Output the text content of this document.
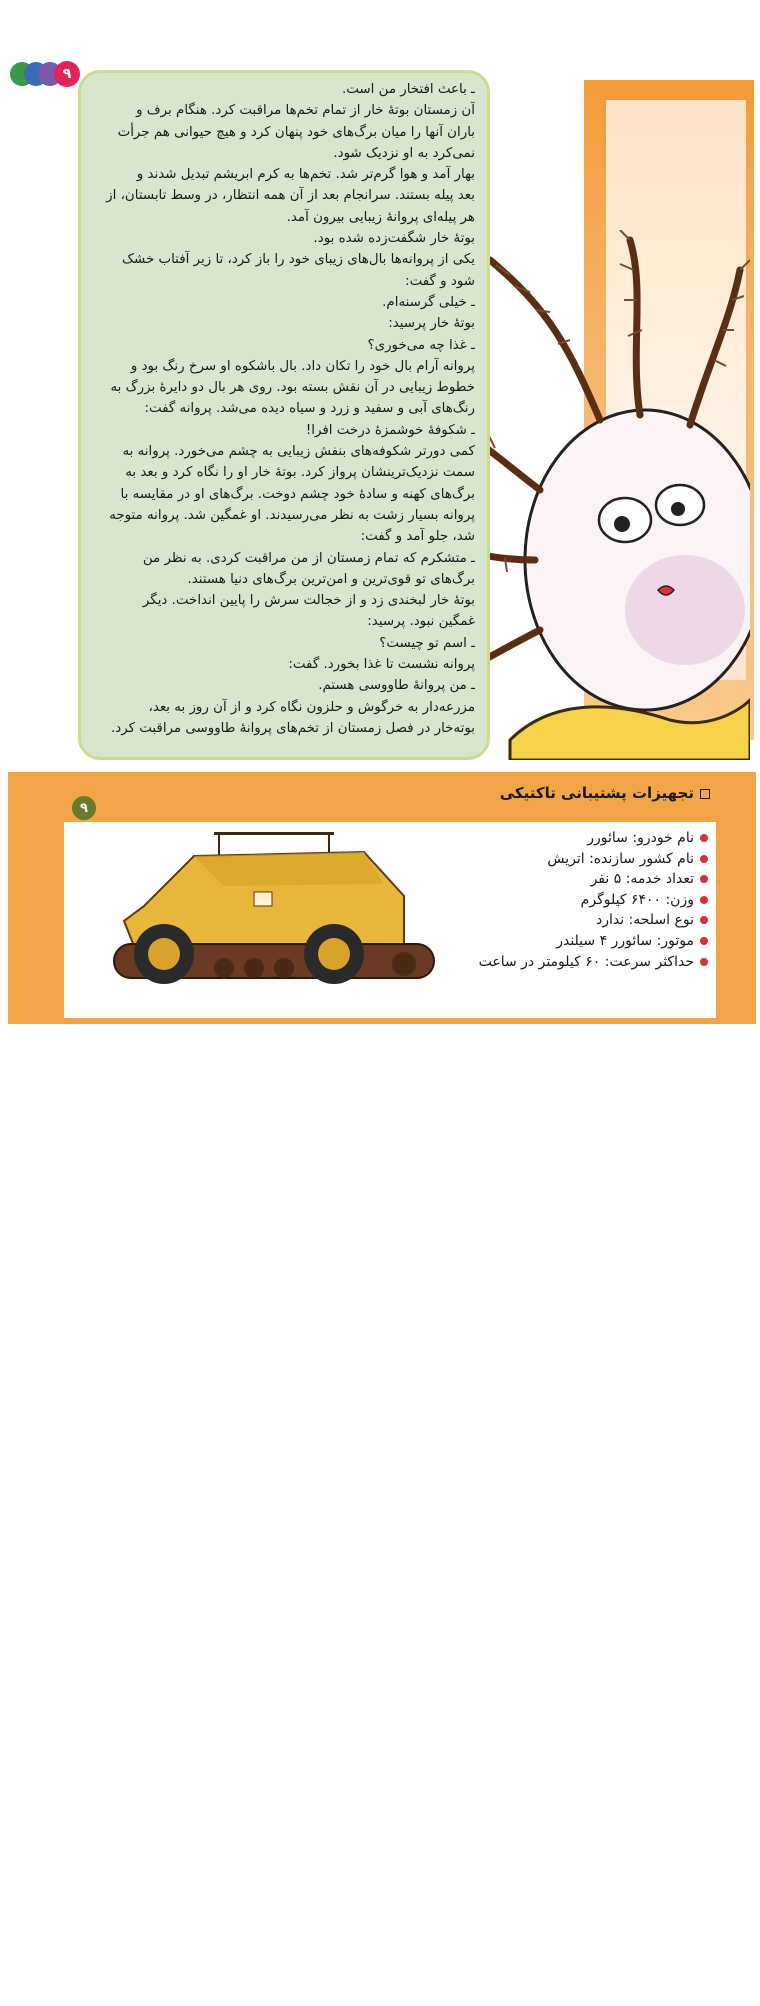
۹
ـ باعث افتخار من است.
آن زمستان بوتهٔ خار از تمام تخم‌ها مراقبت کرد. هنگام برف و
باران آنها را میان برگ‌های خود پنهان کرد و هیچ حیوانی هم جرأت
نمی‌کرد به او نزدیک شود.
بهار آمد و هوا گرم‌تر شد. تخم‌ها به کرم ابریشم تبدیل شدند و
بعد پیله بستند. سرانجام بعد از آن همه انتظار، در وسط تابستان، از
هر پیله‌ای پروانهٔ زیبایی بیرون آمد.
بوتهٔ خار شگفت‌زده شده بود.
یکی از پروانه‌ها بال‌های زیبای خود را باز کرد، تا زیر آفتاب خشک
شود و گفت:
ـ خیلی گرسنه‌ام.
بوتهٔ خار پرسید:
ـ غذا چه می‌خوری؟
پروانه آرام بال خود را تکان داد. بال باشکوه او سرخ رنگ بود و
خطوط زیبایی در آن نقش بسته بود. روی هر بال دو دایرهٔ بزرگ به
رنگ‌های آبی و سفید و زرد و سیاه دیده می‌شد. پروانه گفت:
ـ شکوفهٔ خوشمزهٔ درخت افرا!
کمی دورتر شکوفه‌های بنفش زیبایی به چشم می‌خورد. پروانه به
سمت نزدیک‌ترینشان پرواز کرد. بوتهٔ خار او را نگاه کرد و بعد به
برگ‌های کهنه و سادهٔ خود چشم دوخت. برگ‌های او در مقایسه با
پروانه بسیار زشت به نظر می‌رسیدند. او غمگین شد. پروانه متوجه
شد، جلو آمد و گفت:
ـ متشکرم که تمام زمستان از من مراقبت کردی. به نظر من
برگ‌های تو قوی‌ترین و امن‌ترین برگ‌های دنیا هستند.
بوتهٔ خار لبخندی زد و از خجالت سرش را پایین انداخت. دیگر
غمگین نبود. پرسید:
ـ اسم تو چیست؟
پروانه نشست تا غذا بخورد. گفت:
ـ من پروانهٔ طاووسی هستم.
مزرعه‌دار به خرگوش و حلزون نگاه کرد و از آن روز به بعد،
بوته‌خار در فصل زمستان از تخم‌های پروانهٔ طاووسی مراقبت کرد.
تجهیزات پشتیبانی تاکتیکی
۹
نام خودرو: سائورر
نام کشور سازنده: اتریش
تعداد خدمه: ۵ نفر
وزن: ۶۴۰۰ کیلوگرم
نوع اسلحه: ندارد
موتور: سائورر ۴ سیلندر
حداکثر سرعت: ۶۰ کیلومتر در ساعت
